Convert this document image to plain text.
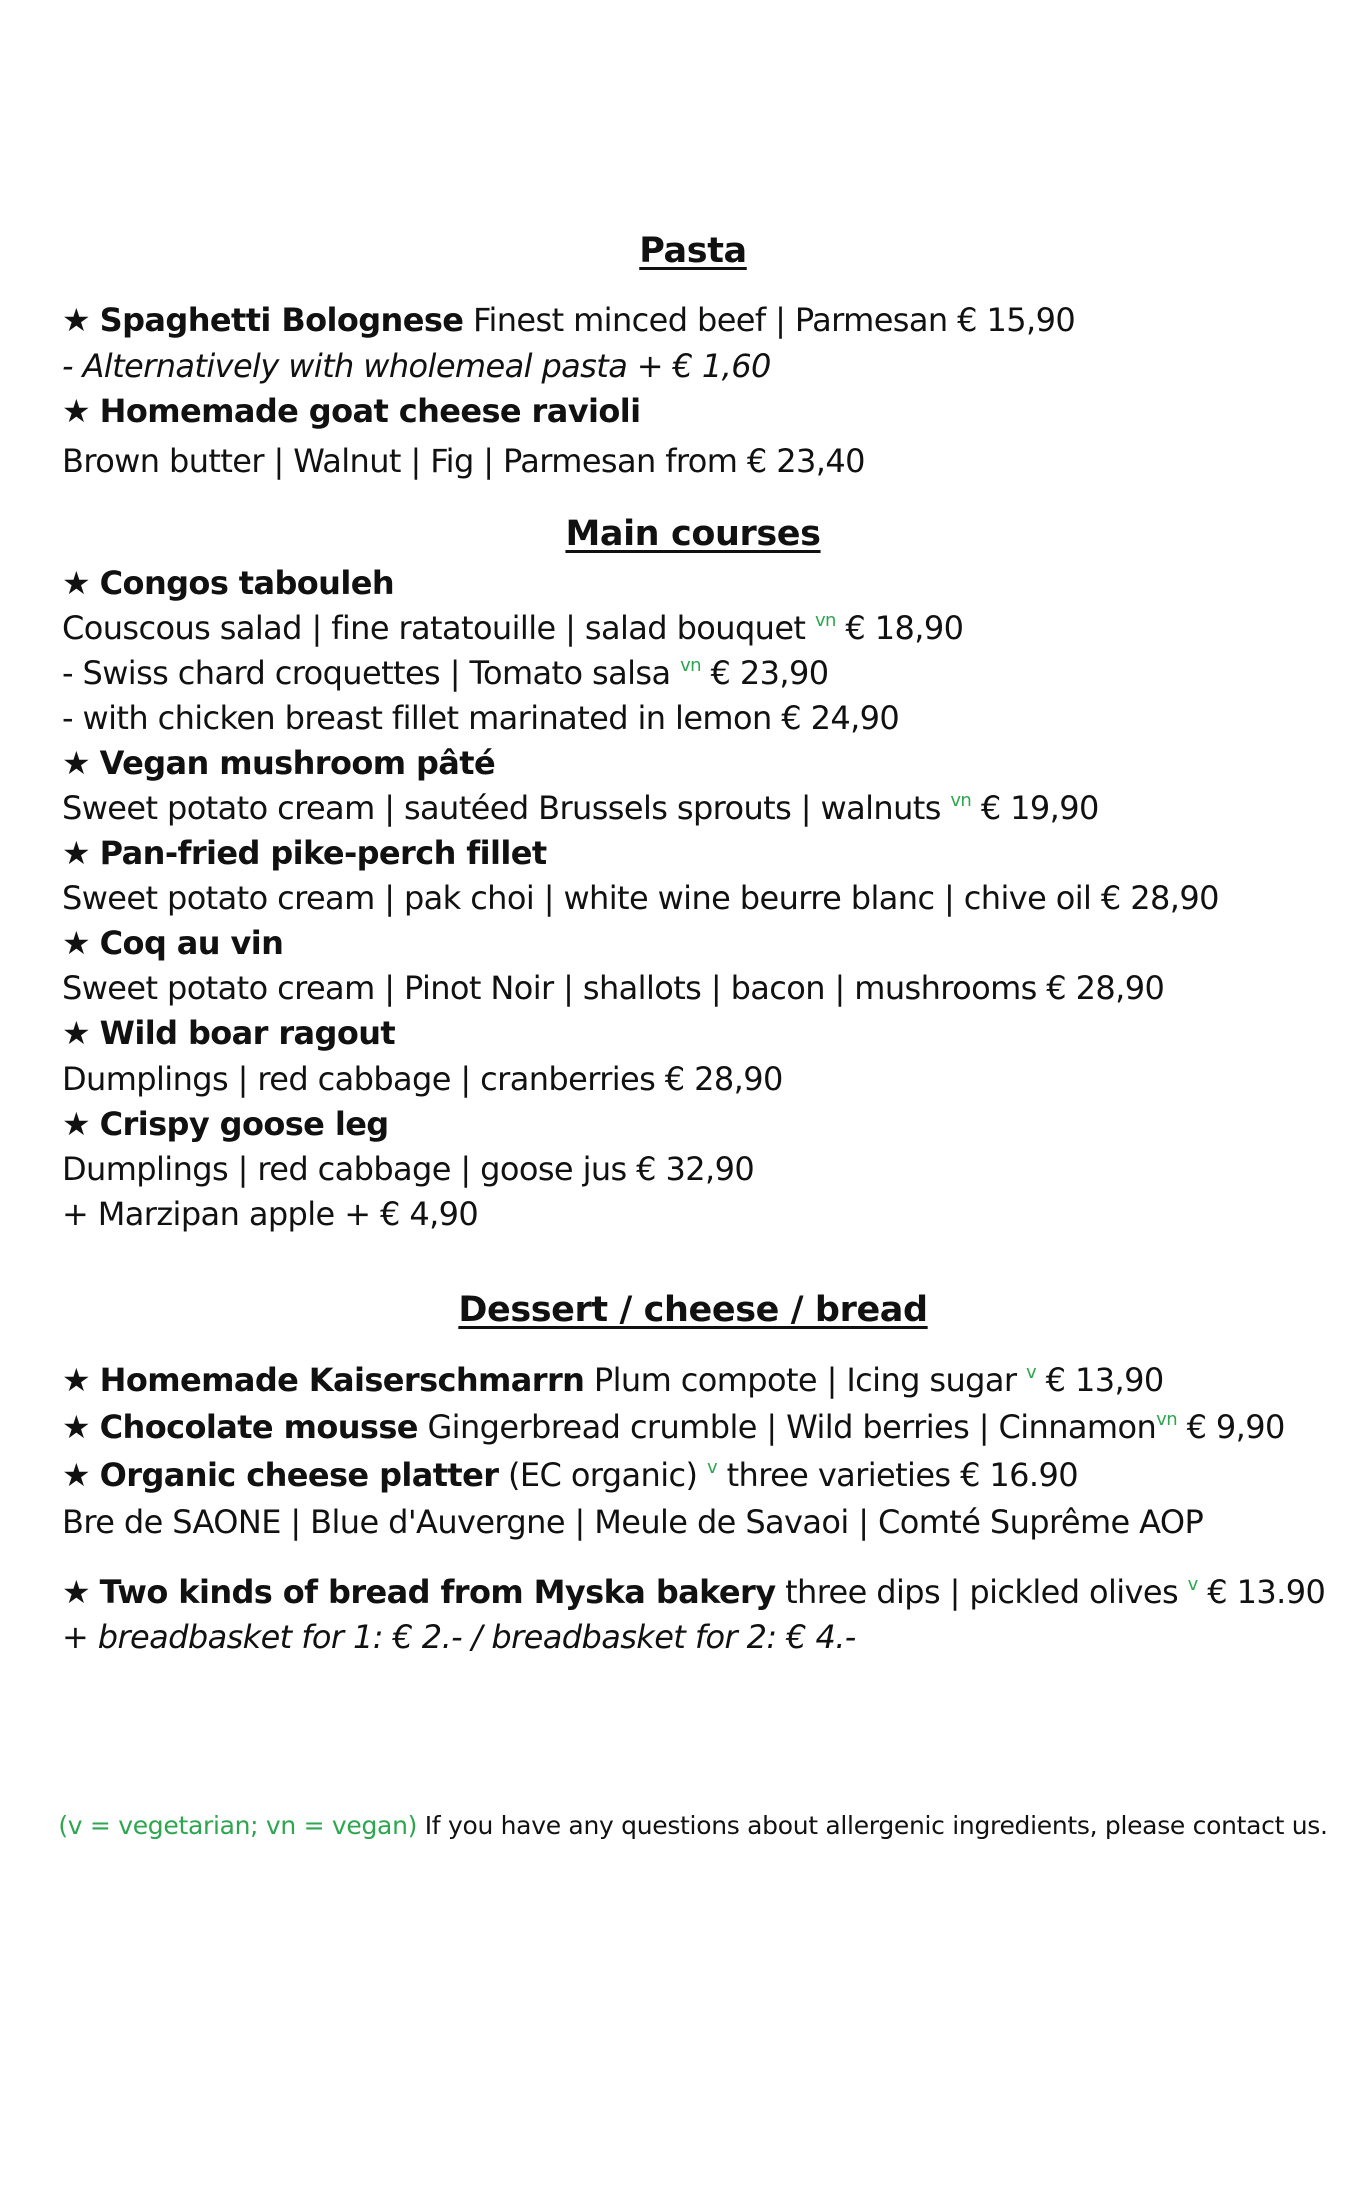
Pasta
★ Spaghetti Bolognese Finest minced beef | Parmesan € 15,90
- Alternatively with wholemeal pasta + € 1,60
★ Homemade goat cheese ravioli
Brown butter | Walnut | Fig | Parmesan from € 23,40
Main courses
★ Congos tabouleh
Couscous salad | fine ratatouille | salad bouquet $^{vn}$ € 18,90
- Swiss chard croquettes | Tomato salsa $^{vn}$ € 23,90
- with chicken breast fillet marinated in lemon € 24,90
★ Vegan mushroom pâté
Sweet potato cream | sautéed Brussels sprouts | walnuts $^{vn}$ € 19,90
★ Pan-fried pike-perch fillet
Sweet potato cream | pak choi | white wine beurre blanc | chive oil € 28,90
★ Coq au vin
Sweet potato cream | Pinot Noir | shallots | bacon | mushrooms € 28,90
★ Wild boar ragout
Dumplings | red cabbage | cranberries € 28,90
★ Crispy goose leg
Dumplings | red cabbage | goose jus € 32,90
+ Marzipan apple + € 4,90
Dessert / cheese / bread
★ Homemade Kaiserschmarrn Plum compote | Icing sugar $^v$ € 13,90
★ Chocolate mousse Gingerbread crumble | Wild berries | Cinnamon$^{vn}$ € 9,90
★ Organic cheese platter (EC organic) $^v$ three varieties € 16.90
Bre de SAONE | Blue d'Auvergne | Meule de Savaoi | Comté Suprême AOP
★ Two kinds of bread from Myska bakery three dips | pickled olives $^v$ € 13.90
+ breadbasket for 1: € 2.- / breadbasket for 2: € 4.-
(v = vegetarian; vn = vegan) If you have any questions about allergenic ingredients, please contact us.
